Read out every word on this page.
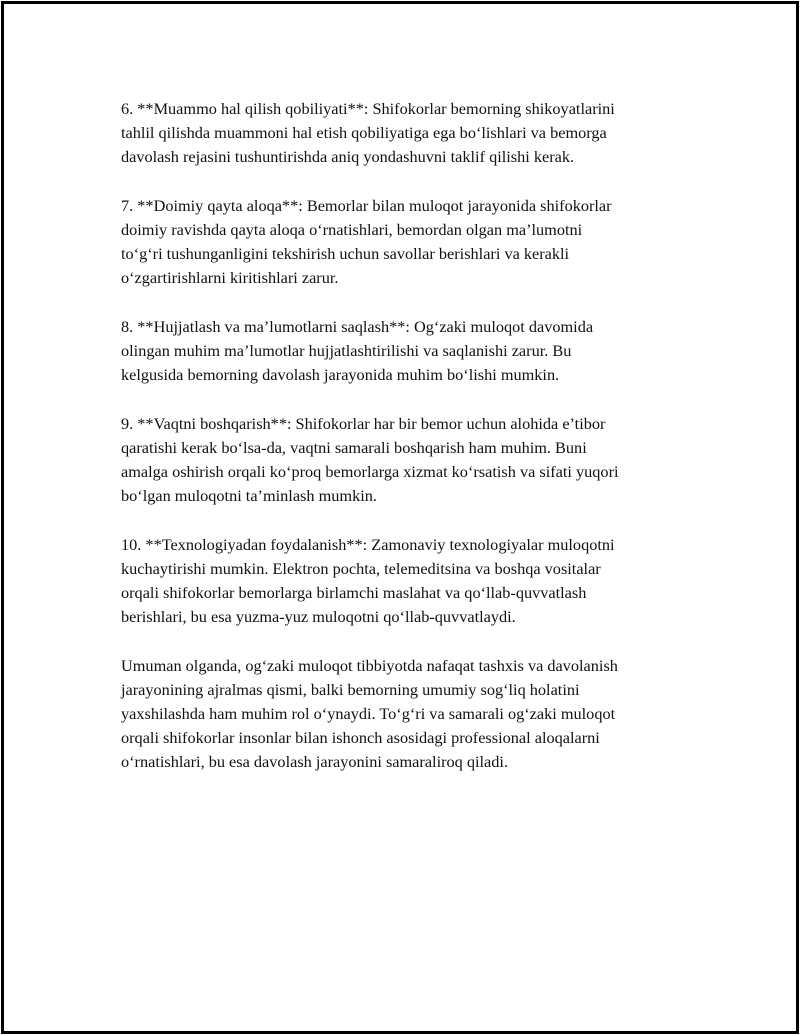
6. **Muammo hal qilish qobiliyati**: Shifokorlar bemorning shikoyatlarini
tahlil qilishda muammoni hal etish qobiliyatiga ega bo‘lishlari va bemorga
davolash rejasini tushuntirishda aniq yondashuvni taklif qilishi kerak.

7. **Doimiy qayta aloqa**: Bemorlar bilan muloqot jarayonida shifokorlar
doimiy ravishda qayta aloqa o‘rnatishlari, bemordan olgan ma’lumotni
to‘g‘ri tushunganligini tekshirish uchun savollar berishlari va kerakli
o‘zgartirishlarni kiritishlari zarur.

8. **Hujjatlash va ma’lumotlarni saqlash**: Og‘zaki muloqot davomida
olingan muhim ma’lumotlar hujjatlashtirilishi va saqlanishi zarur. Bu
kelgusida bemorning davolash jarayonida muhim bo‘lishi mumkin.

9. **Vaqtni boshqarish**: Shifokorlar har bir bemor uchun alohida e’tibor
qaratishi kerak bo‘lsa-da, vaqtni samarali boshqarish ham muhim. Buni
amalga oshirish orqali ko‘proq bemorlarga xizmat ko‘rsatish va sifati yuqori
bo‘lgan muloqotni ta’minlash mumkin.

10. **Texnologiyadan foydalanish**: Zamonaviy texnologiyalar muloqotni
kuchaytirishi mumkin. Elektron pochta, telemeditsina va boshqa vositalar
orqali shifokorlar bemorlarga birlamchi maslahat va qo‘llab-quvvatlash
berishlari, bu esa yuzma-yuz muloqotni qo‘llab-quvvatlaydi.

Umuman olganda, og‘zaki muloqot tibbiyotda nafaqat tashxis va davolanish
jarayonining ajralmas qismi, balki bemorning umumiy sog‘liq holatini
yaxshilashda ham muhim rol o‘ynaydi. To‘g‘ri va samarali og‘zaki muloqot
orqali shifokorlar insonlar bilan ishonch asosidagi professional aloqalarni
o‘rnatishlari, bu esa davolash jarayonini samaraliroq qiladi.
